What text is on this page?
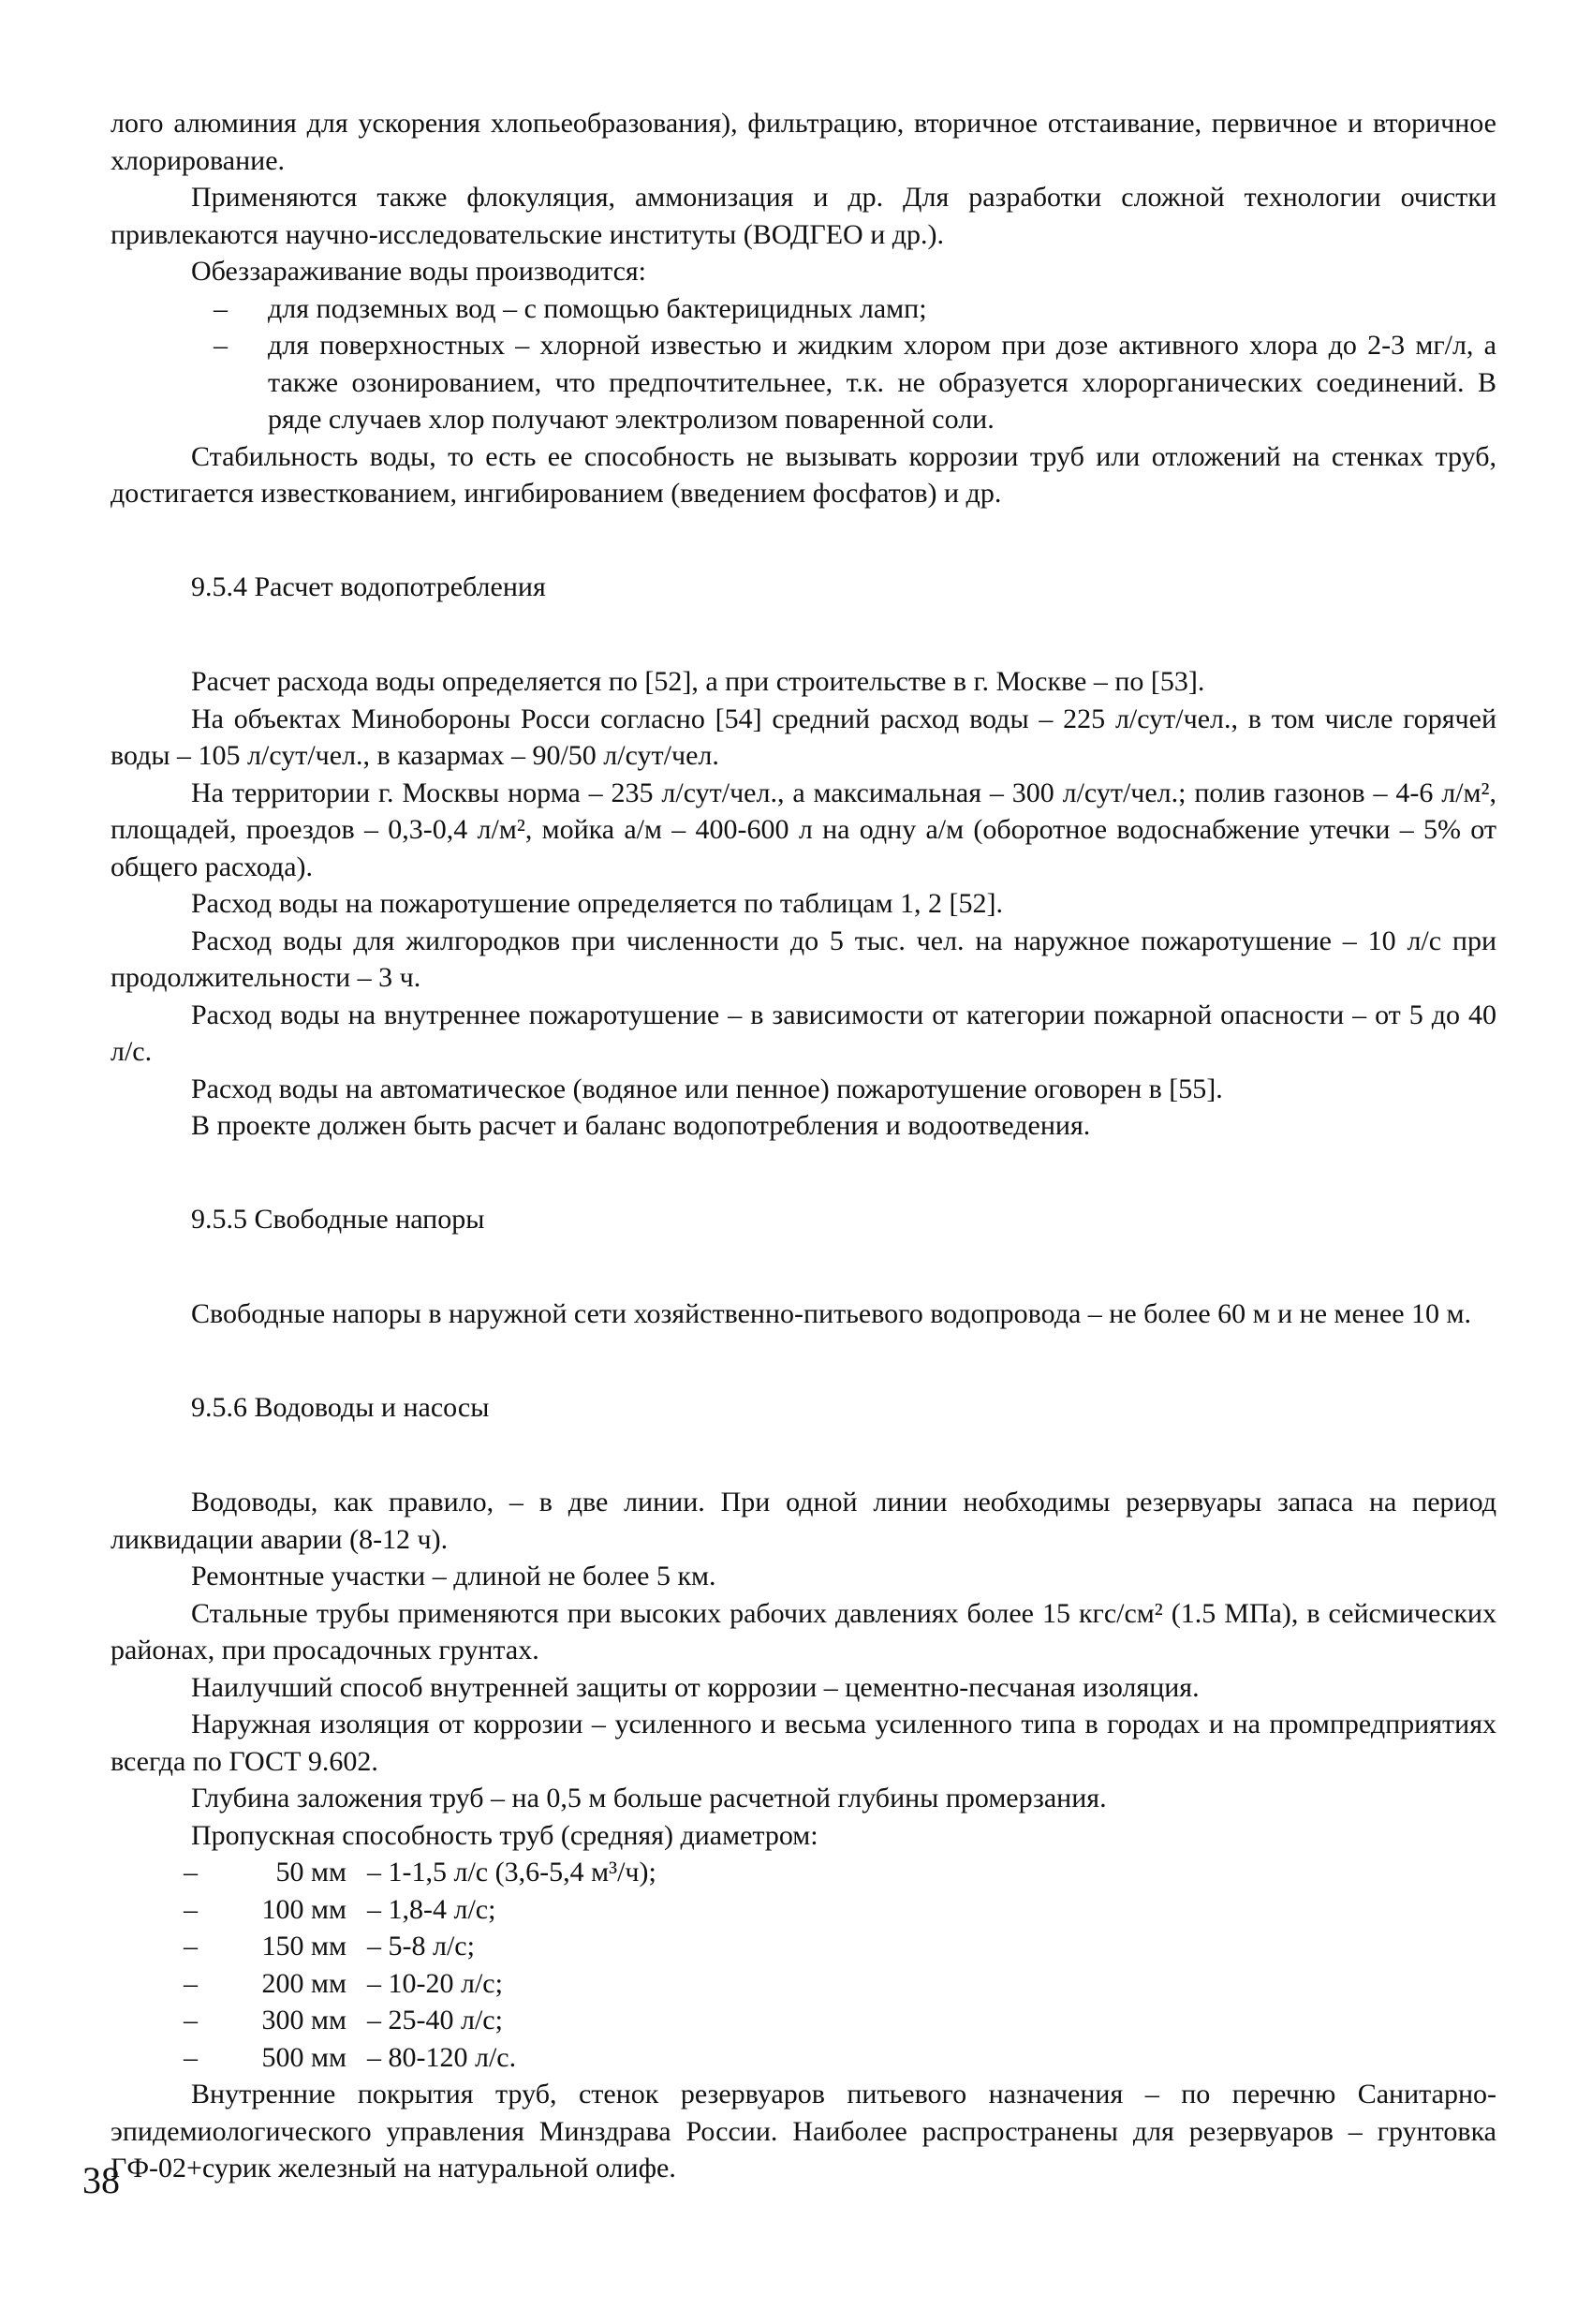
лого алюминия для ускорения хлопьеобразования), фильтрацию, вторичное отстаивание, первичное и вторичное хлорирование.

Применяются также флокуляция, аммонизация и др. Для разработки сложной технологии очистки привлекаются научно-исследовательские институты (ВОДГЕО и др.).

Обеззараживание воды производится:

–	для подземных вод – с помощью бактерицидных ламп;
–	для поверхностных – хлорной известью и жидким хлором при дозе активного хлора до 2-3 мг/л, а также озонированием, что предпочтительнее, т.к. не образуется хлорорганических соединений. В ряде случаев хлор получают электролизом поваренной соли.

Стабильность воды, то есть ее способность не вызывать коррозии труб или отложений на стенках труб, достигается известкованием, ингибированием (введением фосфатов) и др.

9.5.4 Расчет водопотребления

Расчет расхода воды определяется по [52], а при строительстве в г. Москве – по [53].

На объектах Минобороны Росси согласно [54] средний расход воды – 225 л/сут/чел., в том числе горячей воды – 105 л/сут/чел., в казармах – 90/50 л/сут/чел.

На территории г. Москвы норма – 235 л/сут/чел., а максимальная – 300 л/сут/чел.; полив газонов – 4-6 л/м², площадей, проездов – 0,3-0,4 л/м², мойка а/м – 400-600 л на одну а/м (оборотное водоснабжение утечки – 5% от общего расхода).

Расход воды на пожаротушение определяется по таблицам 1, 2 [52].

Расход воды для жилгородков при численности до 5 тыс. чел. на наружное пожаротушение – 10 л/с при продолжительности – 3 ч.

Расход воды на внутреннее пожаротушение – в зависимости от категории пожарной опасности – от 5 до 40 л/с.

Расход воды на автоматическое (водяное или пенное) пожаротушение оговорен в [55].

В проекте должен быть расчет и баланс водопотребления и водоотведения.

9.5.5 Свободные напоры

Свободные напоры в наружной сети хозяйственно-питьевого водопровода – не более 60 м и не менее 10 м.

9.5.6 Водоводы и насосы

Водоводы, как правило, – в две линии. При одной линии необходимы резервуары запаса на период ликвидации аварии (8-12 ч).

Ремонтные участки – длиной не более 5 км.

Стальные трубы применяются при высоких рабочих давлениях более 15 кгс/см² (1.5 МПа), в сейсмических районах, при просадочных грунтах.

Наилучший способ внутренней защиты от коррозии – цементно-песчаная изоляция.

Наружная изоляция от коррозии – усиленного и весьма усиленного типа в городах и на промпредприятиях всегда по ГОСТ 9.602.

Глубина заложения труб – на 0,5 м больше расчетной глубины промерзания.

Пропускная способность труб (средняя) диаметром:

–	50 мм – 1-1,5 л/с (3,6-5,4 м³/ч);
–	100 мм – 1,8-4 л/с;
–	150 мм – 5-8 л/с;
–	200 мм – 10-20 л/с;
–	300 мм – 25-40 л/с;
–	500 мм – 80-120 л/с.

Внутренние покрытия труб, стенок резервуаров питьевого назначения – по перечню Санитарно-эпидемиологического управления Минздрава России. Наиболее распространены для резервуаров – грунтовка ГФ-02+сурик железный на натуральной олифе.

38
